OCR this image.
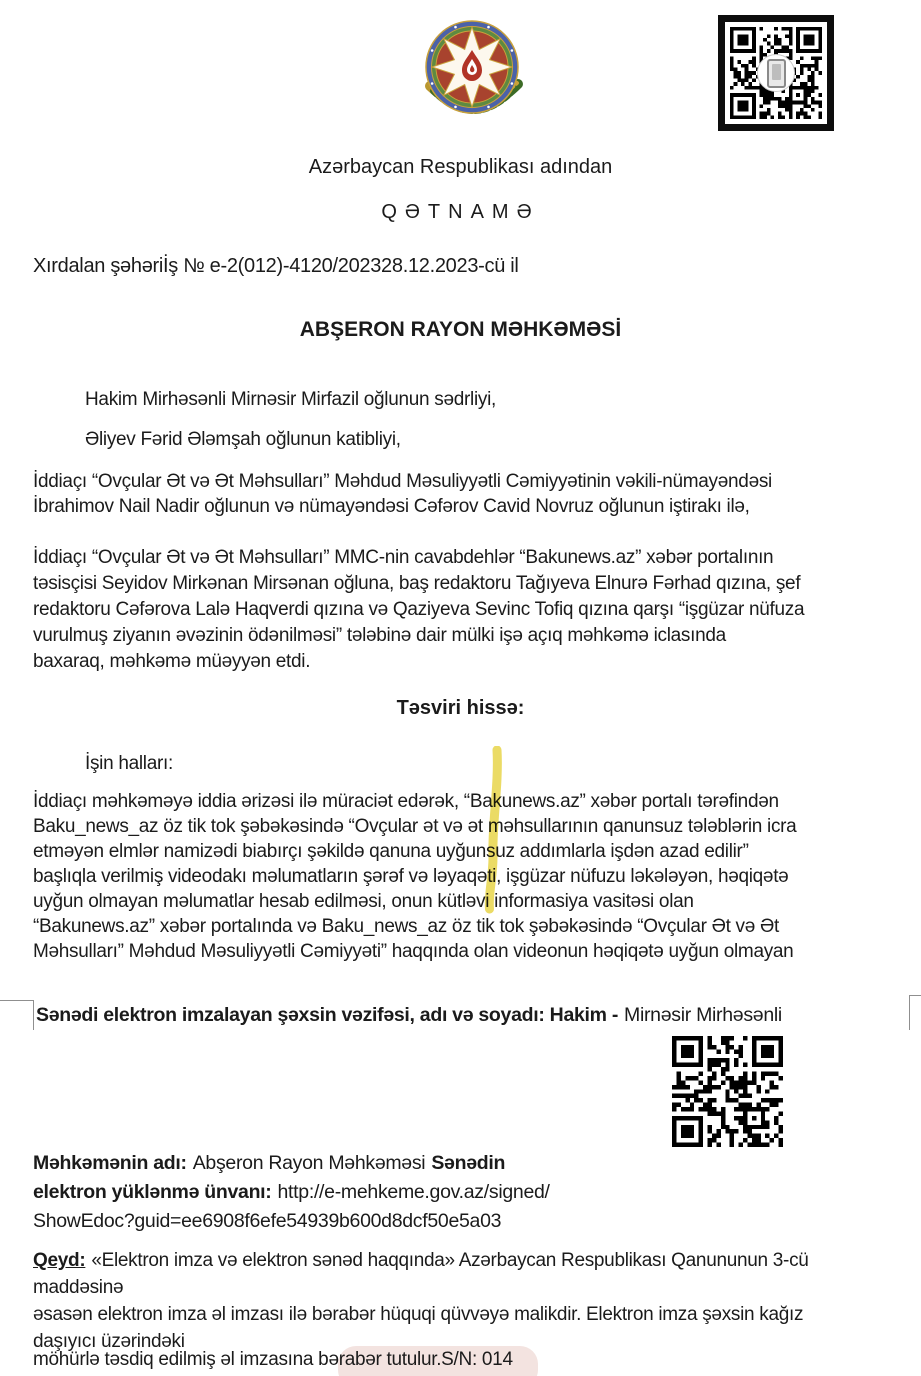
Azərbaycan Respublikası adından
QƏTNAMƏ
Xırdalan şəhəriİş № e-2(012)-4120/202328.12.2023-cü il
ABŞERON RAYON MƏHKƏMƏSİ
Hakim Mirhəsənli Mirnəsir Mirfazil oğlunun sədrliyi,
Əliyev Fərid Ələmşah oğlunun katibliyi,
İddiaçı “Ovçular Ət və Ət Məhsulları” Məhdud Məsuliyyətli Cəmiyyətinin vəkili-nümayəndəsi
İbrahimov Nail Nadir oğlunun və nümayəndəsi Cəfərov Cavid Novruz oğlunun iştirakı ilə,
İddiaçı “Ovçular Ət və Ət Məhsulları” MMC-nin cavabdehlər “Bakunews.az” xəbər portalının
təsisçisi Seyidov Mirkənan Mirsənan oğluna, baş redaktoru Tağıyeva Elnurə Fərhad qızına, şef
redaktoru Cəfərova Lalə Haqverdi qızına və Qaziyeva Sevinc Tofiq qızına qarşı “işgüzar nüfuza
vurulmuş ziyanın əvəzinin ödənilməsi” tələbinə dair mülki işə açıq məhkəmə iclasında
baxaraq, məhkəmə müəyyən etdi.
Təsviri hissə:
İşin halları:
İddiaçı məhkəməyə iddia ərizəsi ilə müraciət edərək, “Bakunews.az” xəbər portalı tərəfindən
Baku_news_az öz tik tok şəbəkəsində “Ovçular ət və ət məhsullarının qanunsuz tələblərin icra
etməyən elmlər namizədi biabırçı şəkildə qanuna uyğunsuz addımlarla işdən azad edilir”
başlıqla verilmiş videodakı məlumatların şərəf və ləyaqəti, işgüzar nüfuzu ləkələyən, həqiqətə
uyğun olmayan məlumatlar hesab edilməsi, onun kütləvi informasiya vasitəsi olan
“Bakunews.az” xəbər portalında və Baku_news_az öz tik tok şəbəkəsində “Ovçular Ət və Ət
Məhsulları” Məhdud Məsuliyyətli Cəmiyyəti” haqqında olan videonun həqiqətə uyğun olmayan
Sənədi elektron imzalayan şəxsin vəzifəsi, adı və soyadı: Hakim - Mirnəsir Mirhəsənli
Məhkəmənin adı: Abşeron Rayon Məhkəməsi Sənədin
elektron yüklənmə ünvanı: http://e-mehkeme.gov.az/signed/
ShowEdoc?guid=ee6908f6efe54939b600d8dcf50e5a03
Qeyd: «Elektron imza və elektron sənəd haqqında» Azərbaycan Respublikası Qanununun 3-cü
maddəsinə
əsasən elektron imza əl imzası ilə bərabər hüquqi qüvvəyə malikdir. Elektron imza şəxsin kağız
daşıyıcı üzərindəki
möhürlə təsdiq edilmiş əl imzasına bərabər tutulur.S/N: 014
